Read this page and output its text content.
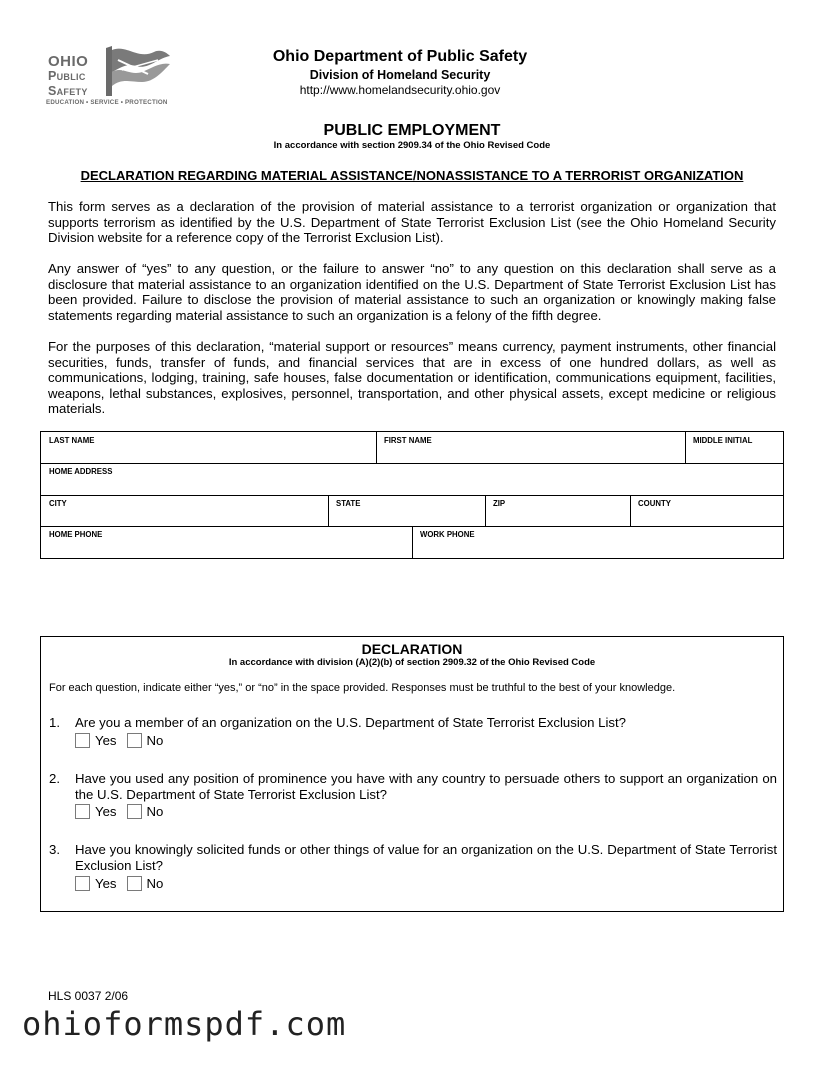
OHIO
Public
Safety
EDUCATION • SERVICE • PROTECTION
Ohio Department of Public Safety
Division of Homeland Security
http://www.homelandsecurity.ohio.gov
PUBLIC EMPLOYMENT
In accordance with section 2909.34 of the Ohio Revised Code
DECLARATION REGARDING MATERIAL ASSISTANCE/NONASSISTANCE TO A TERRORIST ORGANIZATION
This form serves as a declaration of the provision of material assistance to a terrorist organization or organization that supports terrorism as identified by the U.S. Department of State Terrorist Exclusion List (see the Ohio Homeland Security Division website for a reference copy of the Terrorist Exclusion List).
Any answer of “yes” to any question, or the failure to answer “no” to any question on this declaration shall serve as a disclosure that material assistance to an organization identified on the U.S. Department of State Terrorist Exclusion List has been provided. Failure to disclose the provision of material assistance to such an organization or knowingly making false statements regarding material assistance to such an organization is a felony of the fifth degree.
For the purposes of this declaration, “material support or resources” means currency, payment instruments, other financial securities, funds, transfer of funds, and financial services that are in excess of one hundred dollars, as well as communications, lodging, training, safe houses, false documentation or identification, communications equipment, facilities, weapons, lethal substances, explosives, personnel, transportation, and other physical assets, except medicine or religious materials.
LAST NAME	FIRST NAME	MIDDLE INITIAL
HOME ADDRESS
CITY	STATE	ZIP	COUNTY
HOME PHONE	WORK PHONE
DECLARATION
In accordance with division (A)(2)(b) of section 2909.32 of the Ohio Revised Code
For each question, indicate either “yes,” or “no” in the space provided. Responses must be truthful to the best of your knowledge.
1. Are you a member of an organization on the U.S. Department of State Terrorist Exclusion List?
Yes No
2. Have you used any position of prominence you have with any country to persuade others to support an organization on the U.S. Department of State Terrorist Exclusion List?
Yes No
3. Have you knowingly solicited funds or other things of value for an organization on the U.S. Department of State Terrorist Exclusion List?
Yes No
HLS 0037 2/06
ohioformspdf.com
